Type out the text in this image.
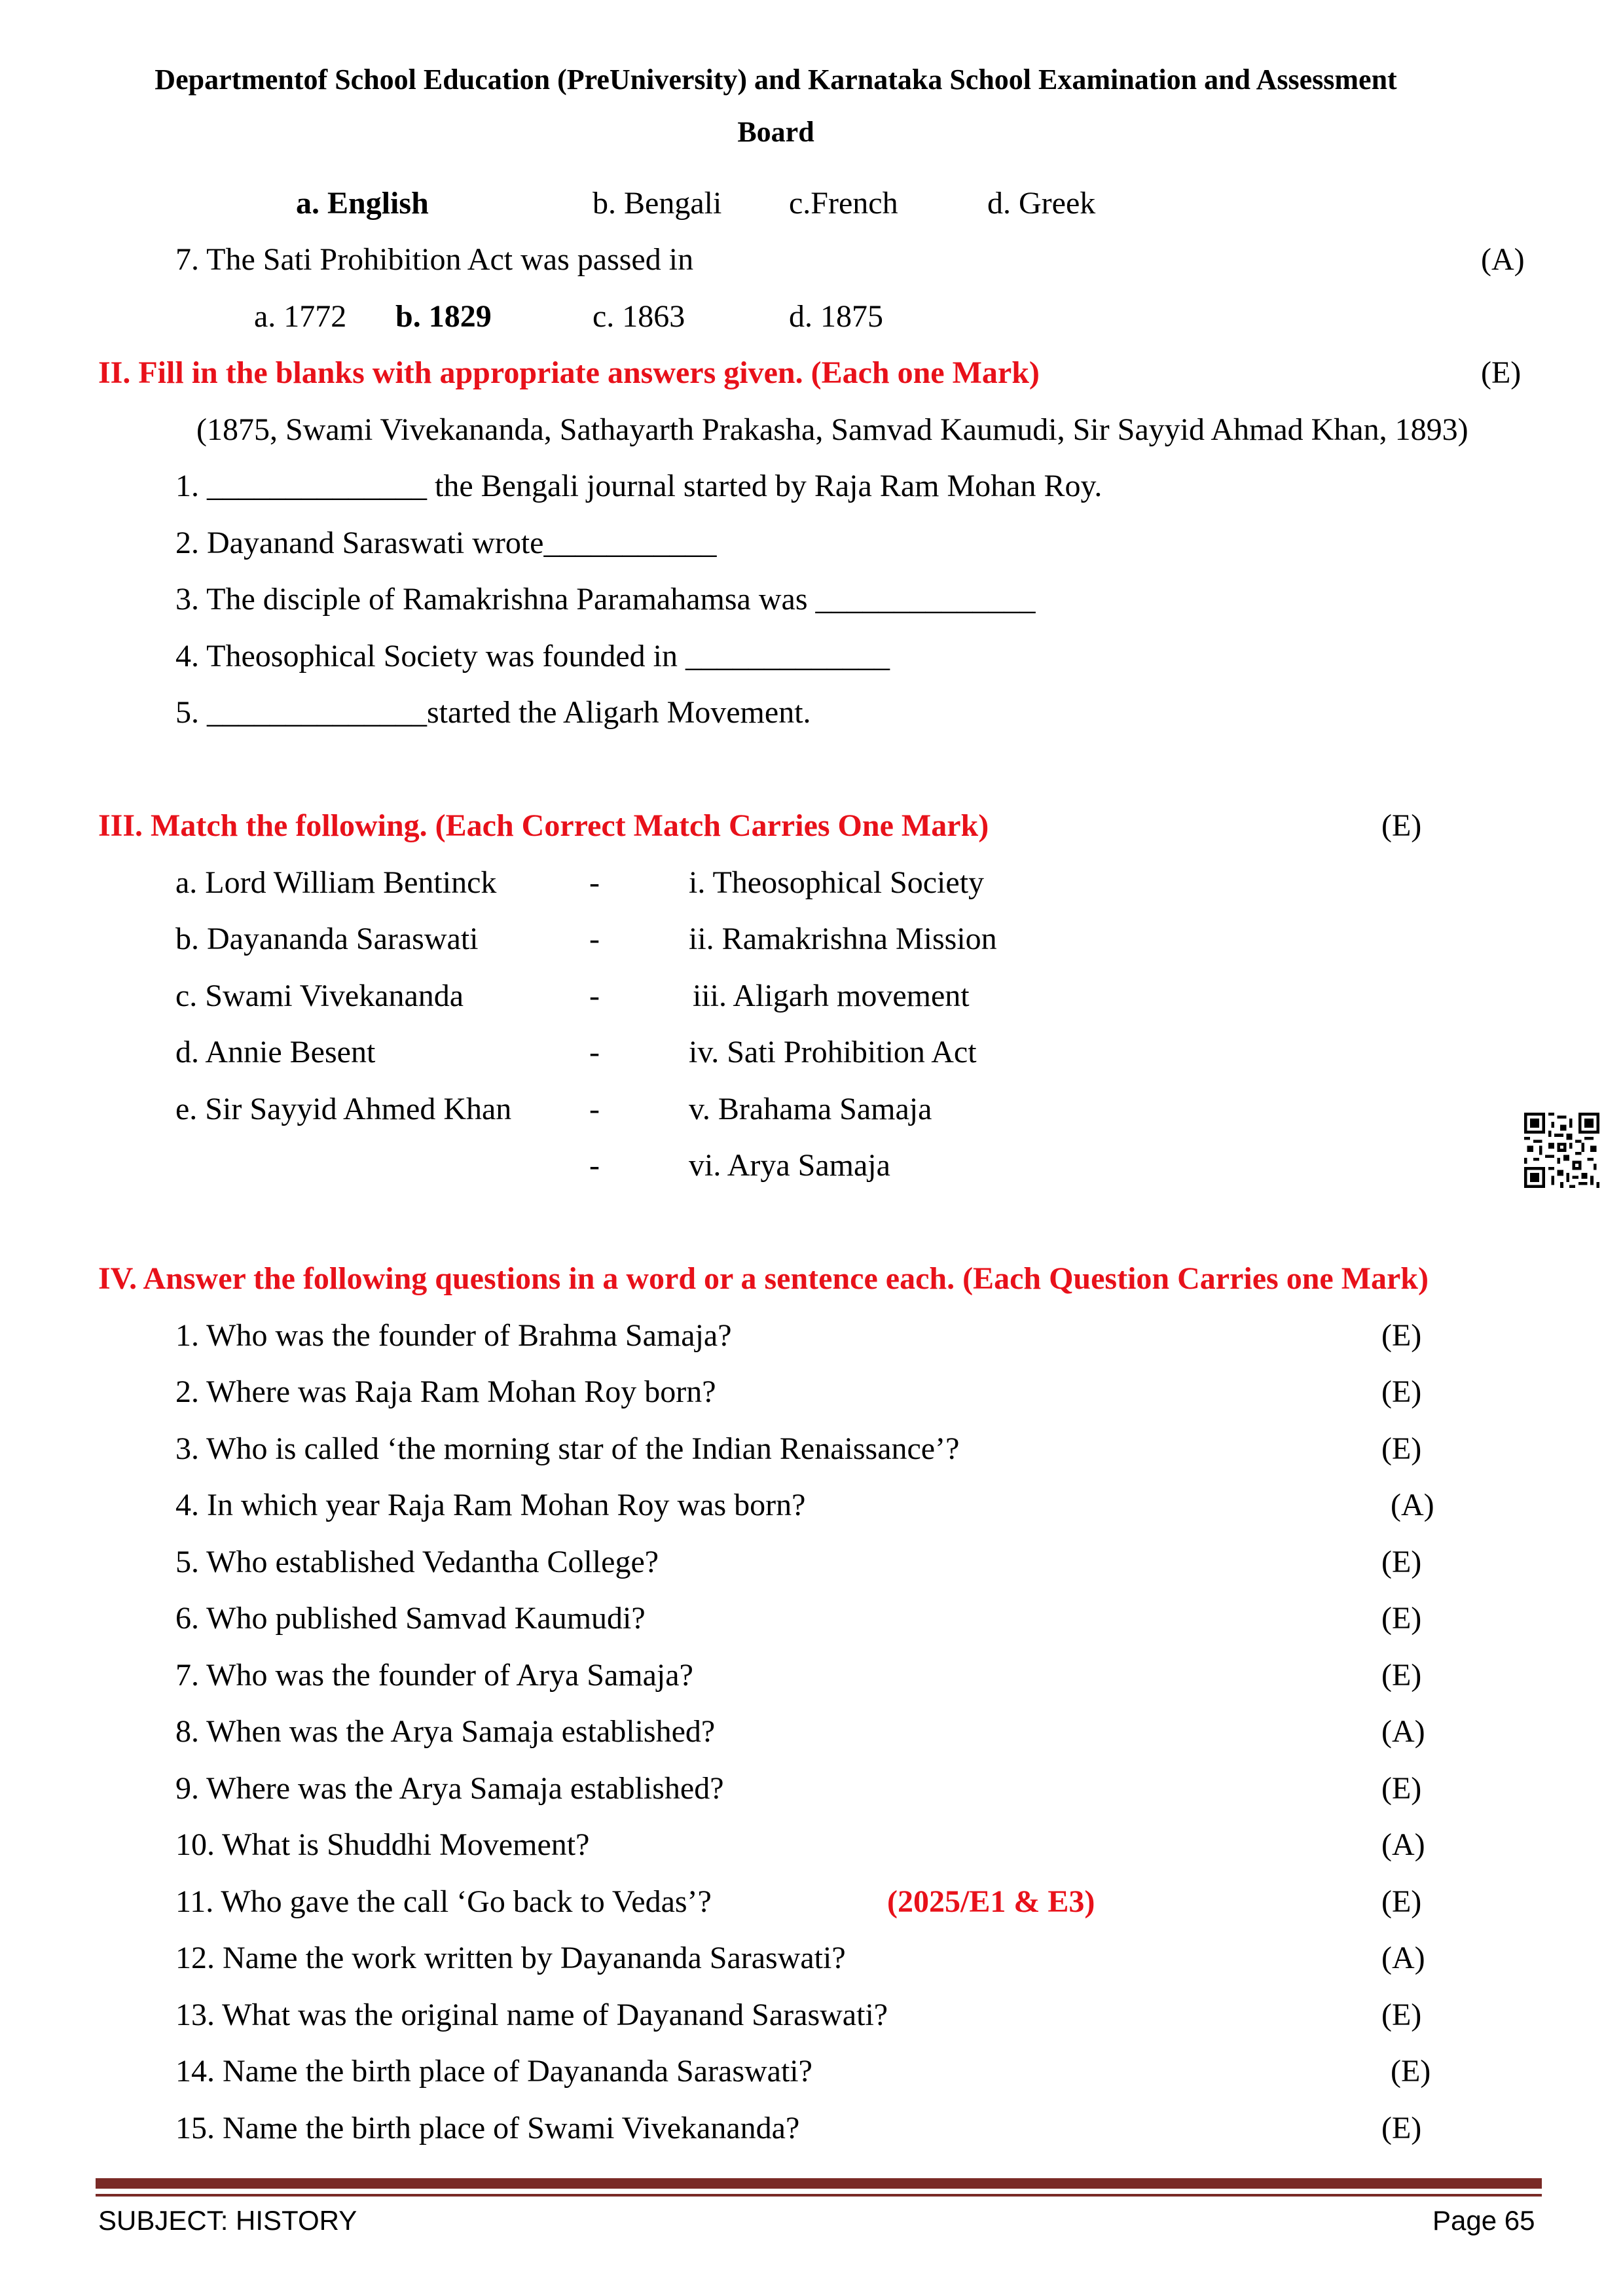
Departmentof School Education (PreUniversity) and Karnataka School Examination and Assessment
Board
a. English	b. Bengali c.French	d. Greek
7. The Sati Prohibition Act was passed in	(A)
a. 1772 b. 1829	c. 1863	d. 1875
II. Fill in the blanks with appropriate answers given. (Each one Mark)	(E)
(1875, Swami Vivekananda, Sathayarth Prakasha, Samvad Kaumudi, Sir Sayyid Ahmad Khan, 1893)
1. ______________ the Bengali journal started by Raja Ram Mohan Roy.
2. Dayanand Saraswati wrote___________
3. The disciple of Ramakrishna Paramahamsa was ______________
4. Theosophical Society was founded in _____________
5. ______________started the Aligarh Movement.
III. Match the following. (Each Correct Match Carries One Mark)	(E)
a. Lord William Bentinck	-	i. Theosophical Society
b. Dayananda Saraswati	-	ii. Ramakrishna Mission
c. Swami Vivekananda	-	iii. Aligarh movement
d. Annie Besent	-	iv. Sati Prohibition Act
e. Sir Sayyid Ahmed Khan -	v. Brahama Samaja
-	vi. Arya Samaja
IV. Answer the following questions in a word or a sentence each. (Each Question Carries one Mark)
1. Who was the founder of Brahma Samaja?	(E)
2. Where was Raja Ram Mohan Roy born?	(E)
3. Who is called ‘the morning star of the Indian Renaissance’?	(E)
4. In which year Raja Ram Mohan Roy was born?	(A)
5. Who established Vedantha College?	(E)
6. Who published Samvad Kaumudi?	(E)
7. Who was the founder of Arya Samaja?	(E)
8. When was the Arya Samaja established?	(A)
9. Where was the Arya Samaja established?	(E)
10. What is Shuddhi Movement?	(A)
11. Who gave the call ‘Go back to Vedas’?	(2025/E1 & E3)	(E)
12. Name the work written by Dayananda Saraswati?	(A)
13. What was the original name of Dayanand Saraswati?	(E)
14. Name the birth place of Dayananda Saraswati?	(E)
15. Name the birth place of Swami Vivekananda?	(E)
SUBJECT: HISTORY	Page 65
